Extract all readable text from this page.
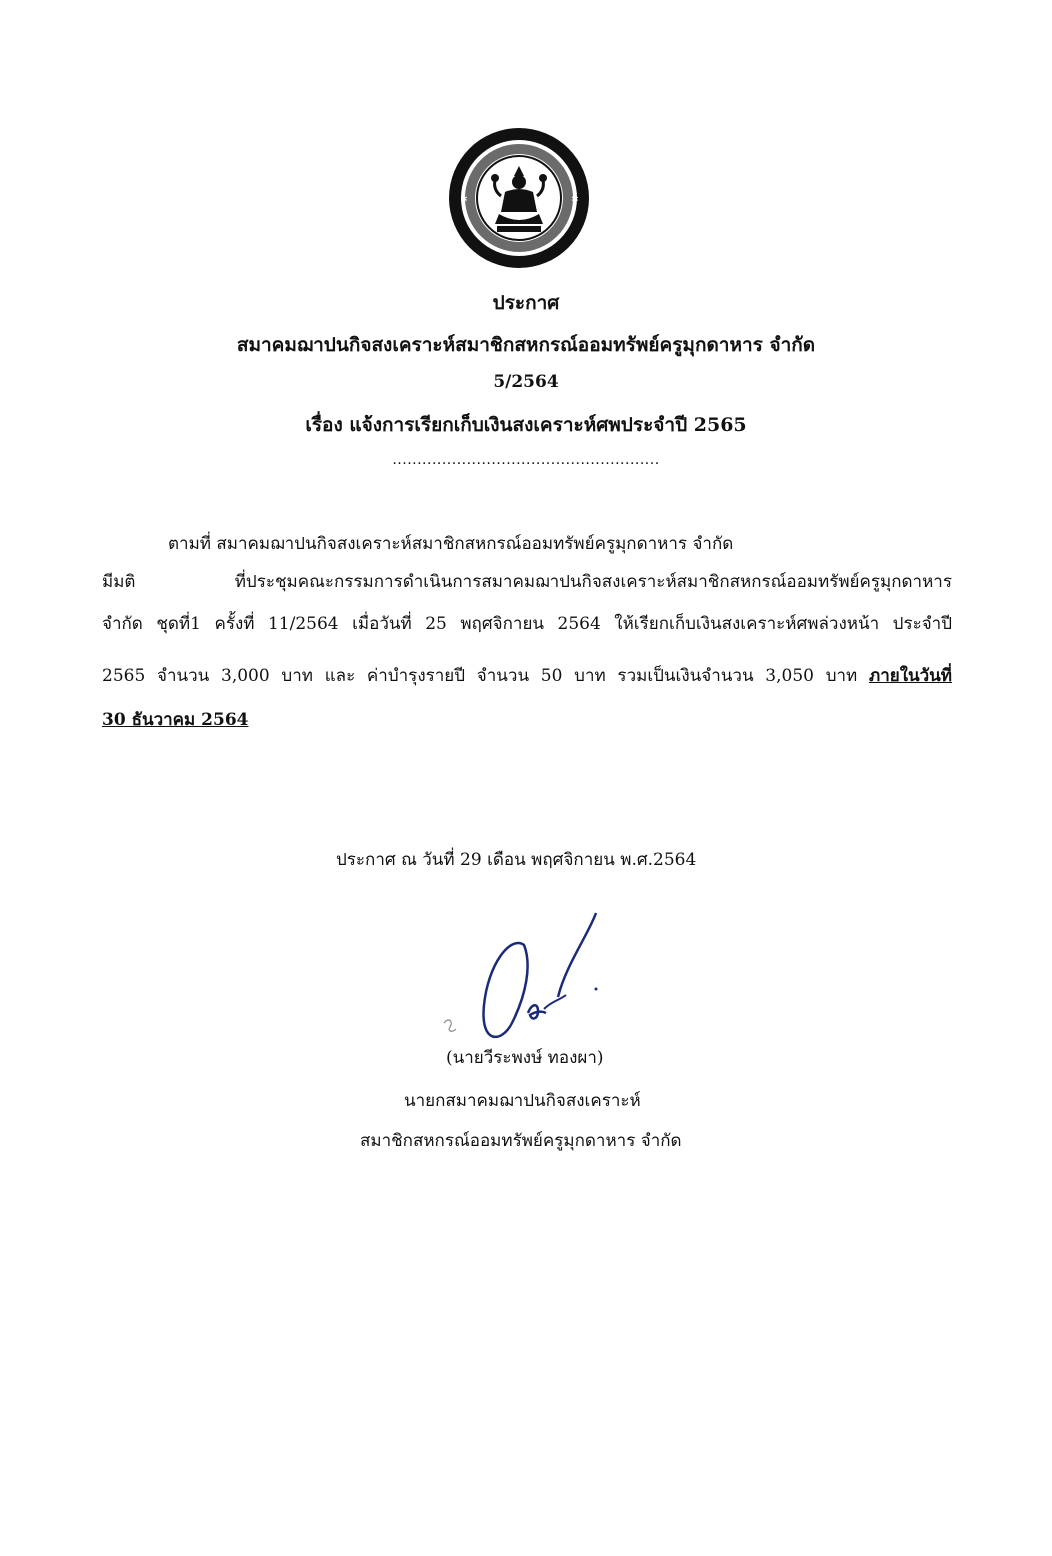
✲	✲
ประกาศ
สมาคมฌาปนกิจสงเคราะห์สมาชิกสหกรณ์ออมทรัพย์ครูมุกดาหาร จำกัด
5/2564
เรื่อง แจ้งการเรียกเก็บเงินสงเคราะห์ศพประจำปี 2565
......................................................
ตามที่ สมาคมฌาปนกิจสงเคราะห์สมาชิกสหกรณ์ออมทรัพย์ครูมุกดาหาร จำกัด
มีมติ ที่ประชุมคณะกรรมการดำเนินการสมาคมฌาปนกิจสงเคราะห์สมาชิกสหกรณ์ออมทรัพย์ครูมุกดาหาร
จำกัด ชุดที่1 ครั้งที่ 11/2564 เมื่อวันที่ 25 พฤศจิกายน 2564 ให้เรียกเก็บเงินสงเคราะห์ศพล่วงหน้า ประจำปี
2565 จำนวน 3,000 บาท และ ค่าบำรุงรายปี จำนวน 50 บาท รวมเป็นเงินจำนวน 3,050 บาท ภายในวันที่
30 ธันวาคม 2564
ประกาศ ณ วันที่ 29 เดือน พฤศจิกายน พ.ศ.2564
(นายวีระพงษ์ ทองผา)
นายกสมาคมฌาปนกิจสงเคราะห์
สมาชิกสหกรณ์ออมทรัพย์ครูมุกดาหาร จำกัด
